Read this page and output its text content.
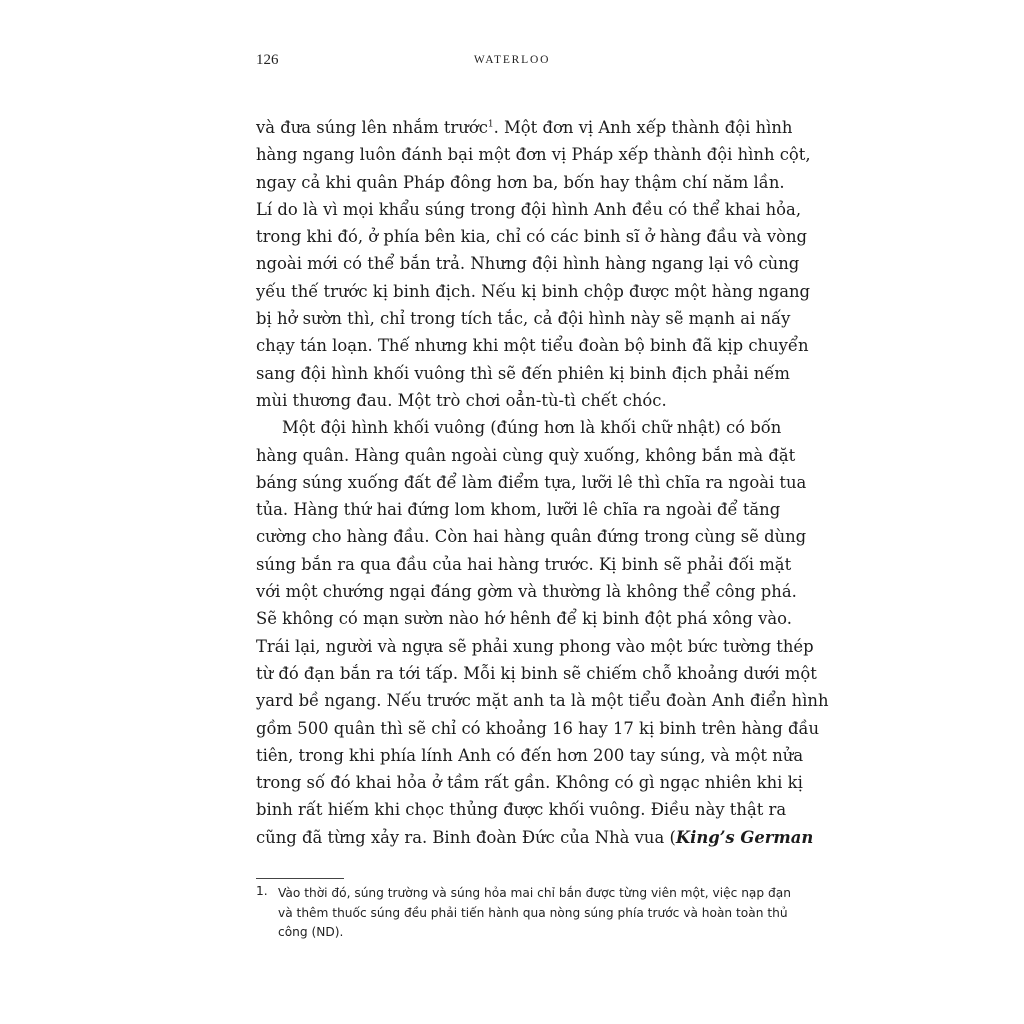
126	WATERLOO
và đưa súng lên nhắm trước$^1$. Một đơn vị Anh xếp thành đội hình
hàng ngang luôn đánh bại một đơn vị Pháp xếp thành đội hình cột,
ngay cả khi quân Pháp đông hơn ba, bốn hay thậm chí năm lần.
Lí do là vì mọi khẩu súng trong đội hình Anh đều có thể khai hỏa,
trong khi đó, ở phía bên kia, chỉ có các binh sĩ ở hàng đầu và vòng
ngoài mới có thể bắn trả. Nhưng đội hình hàng ngang lại vô cùng
yếu thế trước kị binh địch. Nếu kị binh chộp được một hàng ngang
bị hở sườn thì, chỉ trong tích tắc, cả đội hình này sẽ mạnh ai nấy
chạy tán loạn. Thế nhưng khi một tiểu đoàn bộ binh đã kịp chuyển
sang đội hình khối vuông thì sẽ đến phiên kị binh địch phải nếm
mùi thương đau. Một trò chơi oẳn-tù-tì chết chóc.
Một đội hình khối vuông (đúng hơn là khối chữ nhật) có bốn
hàng quân. Hàng quân ngoài cùng quỳ xuống, không bắn mà đặt
báng súng xuống đất để làm điểm tựa, lưỡi lê thì chĩa ra ngoài tua
tủa. Hàng thứ hai đứng lom khom, lưỡi lê chĩa ra ngoài để tăng
cường cho hàng đầu. Còn hai hàng quân đứng trong cùng sẽ dùng
súng bắn ra qua đầu của hai hàng trước. Kị binh sẽ phải đối mặt
với một chướng ngại đáng gờm và thường là không thể công phá.
Sẽ không có mạn sườn nào hớ hênh để kị binh đột phá xông vào.
Trái lại, người và ngựa sẽ phải xung phong vào một bức tường thép
từ đó đạn bắn ra tới tấp. Mỗi kị binh sẽ chiếm chỗ khoảng dưới một
yard bề ngang. Nếu trước mặt anh ta là một tiểu đoàn Anh điển hình
gồm 500 quân thì sẽ chỉ có khoảng 16 hay 17 kị binh trên hàng đầu
tiên, trong khi phía lính Anh có đến hơn 200 tay súng, và một nửa
trong số đó khai hỏa ở tầm rất gần. Không có gì ngạc nhiên khi kị
binh rất hiếm khi chọc thủng được khối vuông. Điều này thật ra
cũng đã từng xảy ra. Binh đoàn Đức của Nhà vua (King’s German
1. Vào thời đó, súng trường và súng hỏa mai chỉ bắn được từng viên một, việc nạp đạn
và thêm thuốc súng đều phải tiến hành qua nòng súng phía trước và hoàn toàn thủ
công (ND).
